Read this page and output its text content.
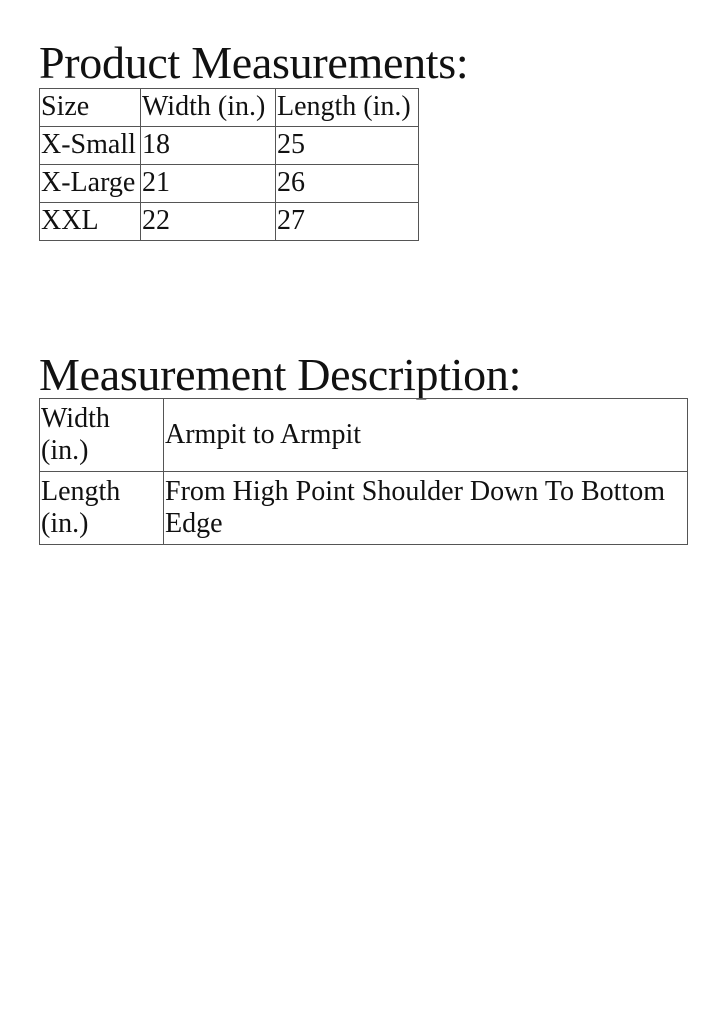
Product Measurements:
Size	Width (in.)	Length (in.)
X-Small	18	25
X-Large	21	26
XXL	22	27
Measurement Description:
Width (in.)	Armpit to Armpit
Length (in.)	From High Point Shoulder Down To Bottom Edge
